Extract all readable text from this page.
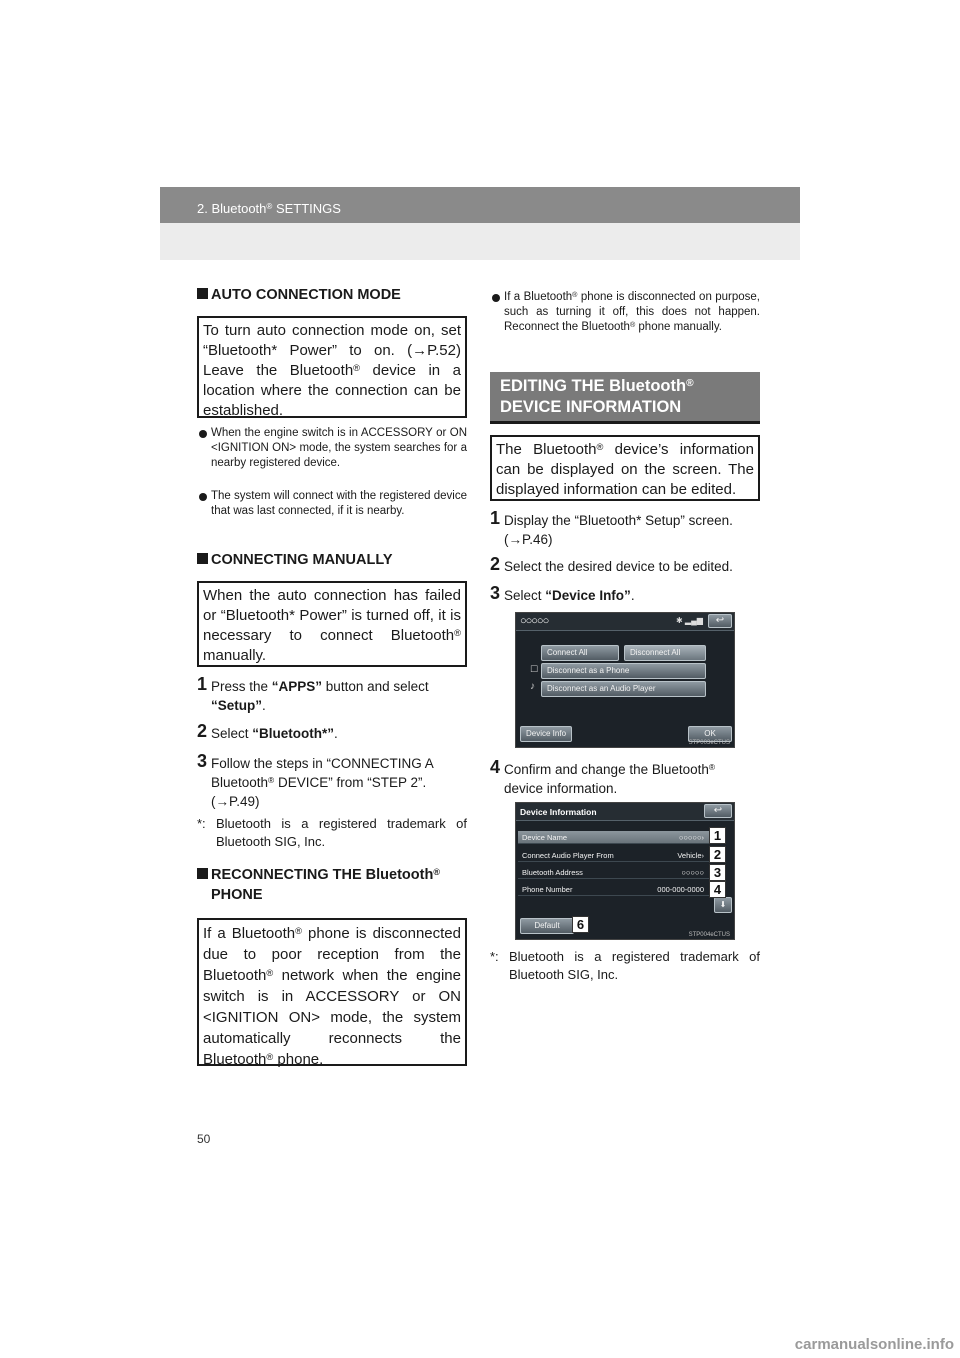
2. Bluetooth® SETTINGS
AUTO CONNECTION MODE
To turn auto connection mode on, set “Bluetooth* Power” to on. (→P.52) Leave the Bluetooth® device in a location where the connection can be established.
When the engine switch is in ACCESSORY or ON <IGNITION ON> mode, the system searches for a nearby registered device.
The system will connect with the registered device that was last connected, if it is nearby.
CONNECTING MANUALLY
When the auto connection has failed or “Bluetooth* Power” is turned off, it is necessary to connect Bluetooth® manually.
1 Press the “APPS” button and select “Setup”.
2 Select “Bluetooth*”.
3 Follow the steps in “CONNECTING A Bluetooth® DEVICE” from “STEP 2”. (→P.49)
*: Bluetooth is a registered trademark of Bluetooth SIG, Inc.
RECONNECTING THE Bluetooth®
PHONE
If a Bluetooth® phone is disconnected due to poor reception from the Bluetooth® network when the engine switch is in ACCESSORY or ON <IGNITION ON> mode, the system automatically reconnects the Bluetooth® phone.
If a Bluetooth® phone is disconnected on purpose, such as turning it off, this does not happen. Reconnect the Bluetooth® phone manually.
EDITING THE Bluetooth®
DEVICE INFORMATION
The Bluetooth® device’s information can be displayed on the screen. The displayed information can be edited.
1 Display the “Bluetooth* Setup” screen. (→P.46)
2 Select the desired device to be edited.
3 Select “Device Info”.
○○○○○	✱ ▂▄▆	↩
Connect All	Disconnect All
☐	Disconnect as a Phone
♪	Disconnect as an Audio Player
Device Info	OK
STP003eCTUS
4 Confirm and change the Bluetooth®
device information.
Device Information	↩
Device Name	○○○○○›
Connect Audio Player From	Vehicle›
Bluetooth Address	○○○○○
Phone Number	000-000-0000
⬇
Default
1
2
3
4
6
STP004eCTUS
*: Bluetooth is a registered trademark of Bluetooth SIG, Inc.
50
carmanualsonline.info
